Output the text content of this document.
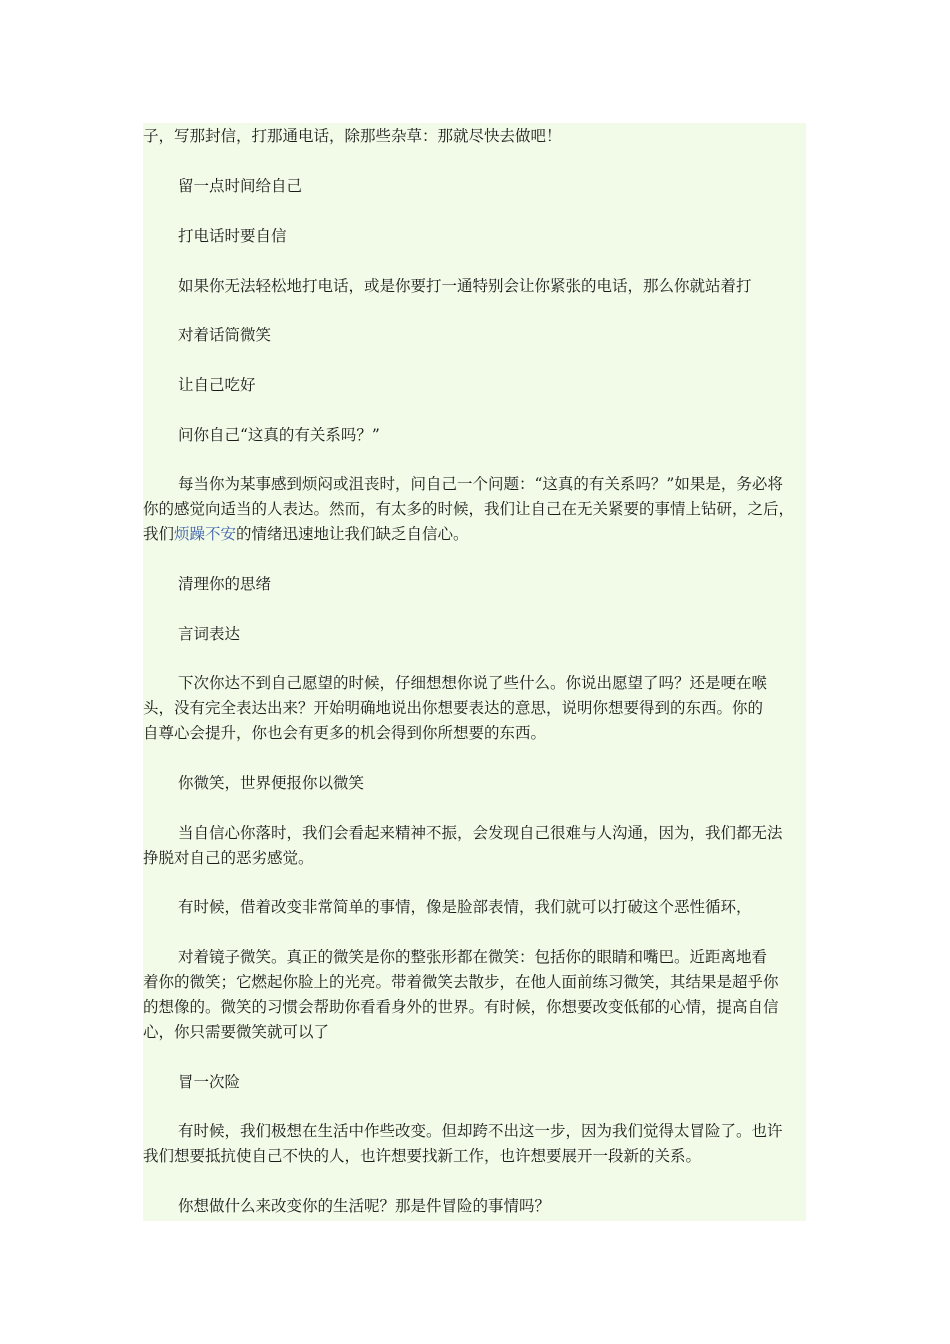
子，写那封信，打那通电话，除那些杂草：那就尽快去做吧！
留一点时间给自己
打电话时要自信
如果你无法轻松地打电话，或是你要打一通特别会让你紧张的电话，那么你就站着打
对着话筒微笑
让自己吃好
问你自己“这真的有关系吗？”
每当你为某事感到烦闷或沮丧时，问自己一个问题：“这真的有关系吗？”如果是，务必将
你的感觉向适当的人表达。然而，有太多的时候，我们让自己在无关紧要的事情上钻研，之后，
我们烦躁不安的情绪迅速地让我们缺乏自信心。
清理你的思绪
言词表达
下次你达不到自己愿望的时候，仔细想想你说了些什么。你说出愿望了吗？还是哽在喉
头，没有完全表达出来？开始明确地说出你想要表达的意思，说明你想要得到的东西。你的
自尊心会提升，你也会有更多的机会得到你所想要的东西。
你微笑，世界便报你以微笑
当自信心你落时，我们会看起来精神不振，会发现自己很难与人沟通，因为，我们都无法
挣脱对自己的恶劣感觉。
有时候，借着改变非常简单的事情，像是脸部表情，我们就可以打破这个恶性循环，
对着镜子微笑。真正的微笑是你的整张形都在微笑：包括你的眼睛和嘴巴。近距离地看
着你的微笑；它燃起你脸上的光亮。带着微笑去散步，在他人面前练习微笑，其结果是超乎你
的想像的。微笑的习惯会帮助你看看身外的世界。有时候，你想要改变低郁的心情，提高自信
心，你只需要微笑就可以了
冒一次险
有时候，我们极想在生活中作些改变。但却跨不出这一步，因为我们觉得太冒险了。也许
我们想要抵抗使自己不快的人，也许想要找新工作，也许想要展开一段新的关系。
你想做什么来改变你的生活呢？那是件冒险的事情吗？
